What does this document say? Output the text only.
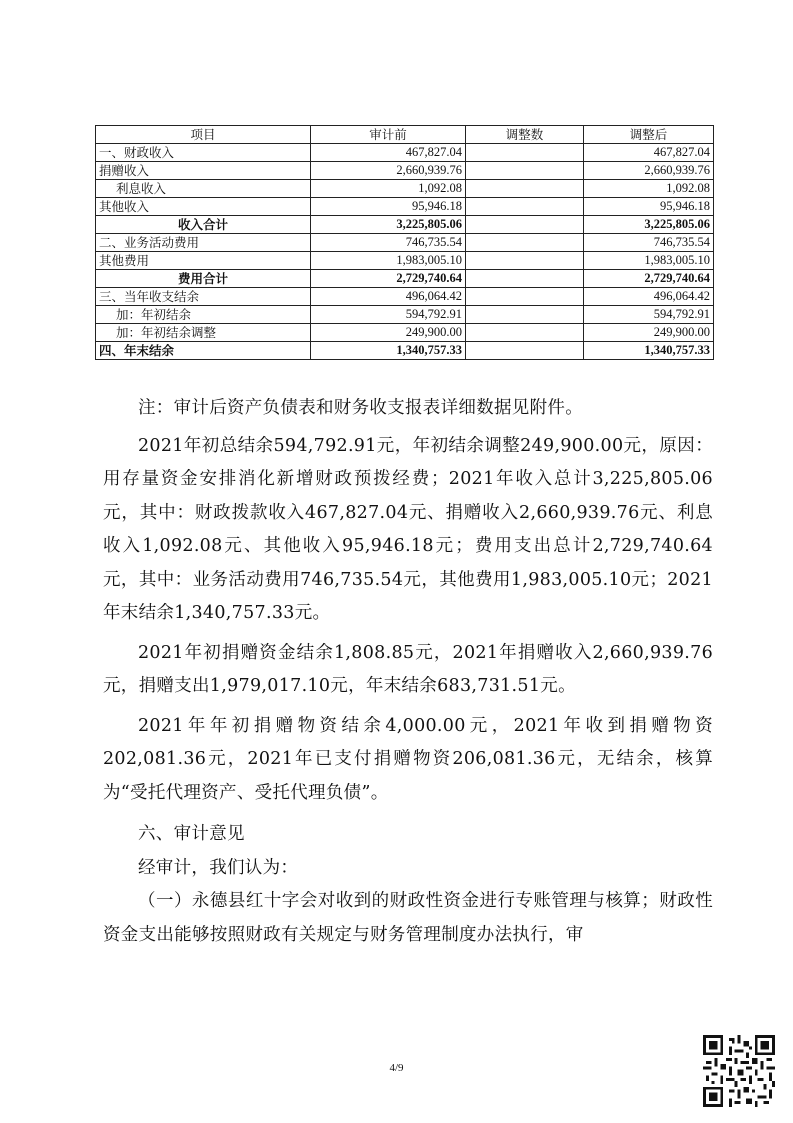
项目	审计前	调整数	调整后
一、财政收入	467,827.04		467,827.04
捐赠收入	2,660,939.76		2,660,939.76
利息收入	1,092.08		1,092.08
其他收入	95,946.18		95,946.18
收入合计	3,225,805.06		3,225,805.06
二、业务活动费用	746,735.54		746,735.54
其他费用	1,983,005.10		1,983,005.10
费用合计	2,729,740.64		2,729,740.64
三、当年收支结余	496,064.42		496,064.42
加：年初结余	594,792.91		594,792.91
加：年初结余调整	249,900.00		249,900.00
四、年末结余	1,340,757.33		1,340,757.33

注：审计后资产负债表和财务收支报表详细数据见附件。

2021年初总结余594,792.91元，年初结余调整249,900.00元，原因：用存量资金安排消化新增财政预拨经费；2021年收入总计3,225,805.06元，其中：财政拨款收入467,827.04元、捐赠收入2,660,939.76元、利息收入1,092.08元、其他收入95,946.18元；费用支出总计2,729,740.64元，其中：业务活动费用746,735.54元，其他费用1,983,005.10元；2021年末结余1,340,757.33元。

2021年初捐赠资金结余1,808.85元，2021年捐赠收入2,660,939.76元，捐赠支出1,979,017.10元，年末结余683,731.51元。

2021年年初捐赠物资结余4,000.00元，2021年收到捐赠物资202,081.36元，2021年已支付捐赠物资206,081.36元，无结余，核算为“受托代理资产、受托代理负债”。

六、审计意见

经审计，我们认为：

（一）永德县红十字会对收到的财政性资金进行专账管理与核算；财政性资金支出能够按照财政有关规定与财务管理制度办法执行，审

4/9
